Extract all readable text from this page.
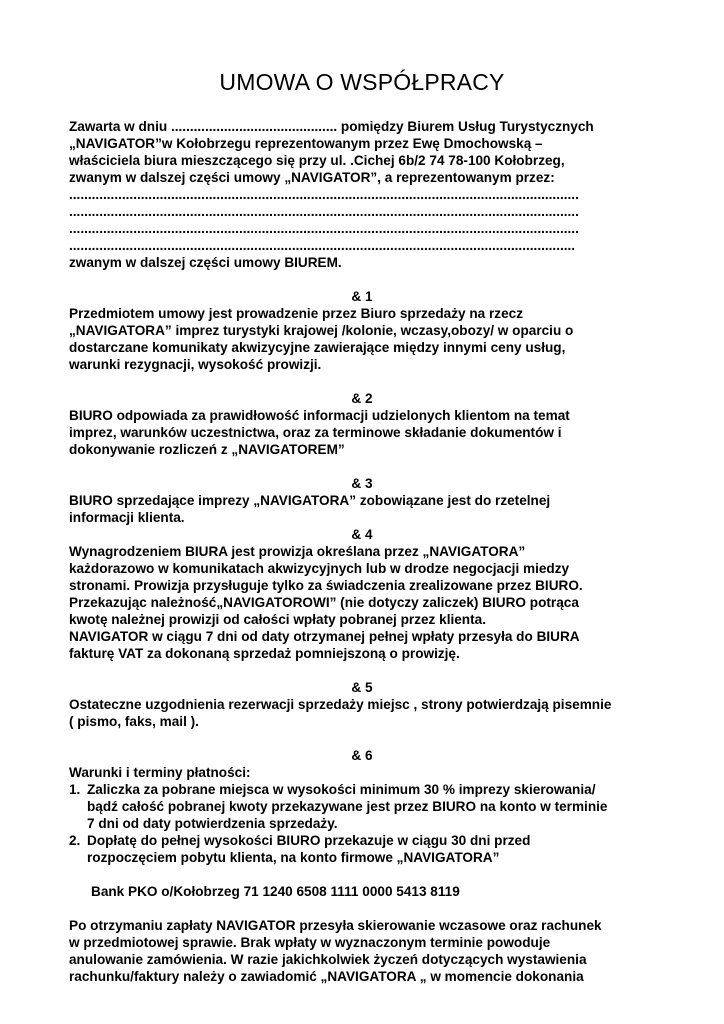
UMOWA O WSPÓŁPRACY

Zawarta w dniu ............................................ pomiędzy Biurem Usług Turystycznych

„NAVIGATOR”w Kołobrzegu reprezentowanym przez Ewę Dmochowską –

właściciela biura mieszczącego się przy ul. .Cichej 6b/2 74 78-100 Kołobrzeg,

zwanym w dalszej części umowy „NAVIGATOR”, a reprezentowanym przez:

.......................................................................................................................................

.......................................................................................................................................

.......................................................................................................................................

......................................................................................................................................

zwanym w dalszej części umowy BIUREM.

& 1

Przedmiotem umowy jest prowadzenie przez Biuro sprzedaży na rzecz

„NAVIGATORA” imprez turystyki krajowej /kolonie, wczasy,obozy/ w oparciu o

dostarczane komunikaty akwizycyjne zawierające między innymi ceny usług,

warunki rezygnacji, wysokość prowizji.

& 2

BIURO odpowiada za prawidłowość informacji udzielonych klientom na temat

imprez, warunków uczestnictwa, oraz za terminowe składanie dokumentów i

dokonywanie rozliczeń z „NAVIGATOREM”

& 3

BIURO sprzedające imprezy „NAVIGATORA” zobowiązane jest do rzetelnej

informacji klienta.

& 4

Wynagrodzeniem BIURA jest prowizja określana przez „NAVIGATORA”

każdorazowo w komunikatach akwizycyjnych lub w drodze negocjacji miedzy

stronami. Prowizja przysługuje tylko za świadczenia zrealizowane przez BIURO.

Przekazując należność„NAVIGATOROWI” (nie dotyczy zaliczek) BIURO potrąca

kwotę należnej prowizji od całości wpłaty pobranej przez klienta.

NAVIGATOR w ciągu 7 dni od daty otrzymanej pełnej wpłaty przesyła do BIURA

fakturę VAT za dokonaną sprzedaż pomniejszoną o prowizję.

& 5

Ostateczne uzgodnienia rezerwacji sprzedaży miejsc , strony potwierdzają pisemnie

( pismo, faks, mail ).

& 6

Warunki i terminy płatności:

1. Zaliczka za pobrane miejsca w wysokości minimum 30 % imprezy skierowania/

bądź całość pobranej kwoty przekazywane jest przez BIURO na konto w terminie

7 dni od daty potwierdzenia sprzedaży.

2. Dopłatę do pełnej wysokości BIURO przekazuje w ciągu 30 dni przed

rozpoczęciem pobytu klienta, na konto firmowe „NAVIGATORA”

Bank PKO o/Kołobrzeg 71 1240 6508 1111 0000 5413 8119

Po otrzymaniu zapłaty NAVIGATOR przesyła skierowanie wczasowe oraz rachunek

w przedmiotowej sprawie. Brak wpłaty w wyznaczonym terminie powoduje

anulowanie zamówienia. W razie jakichkolwiek życzeń dotyczących wystawienia

rachunku/faktury należy o zawiadomić „NAVIGATORA „ w momencie dokonania
